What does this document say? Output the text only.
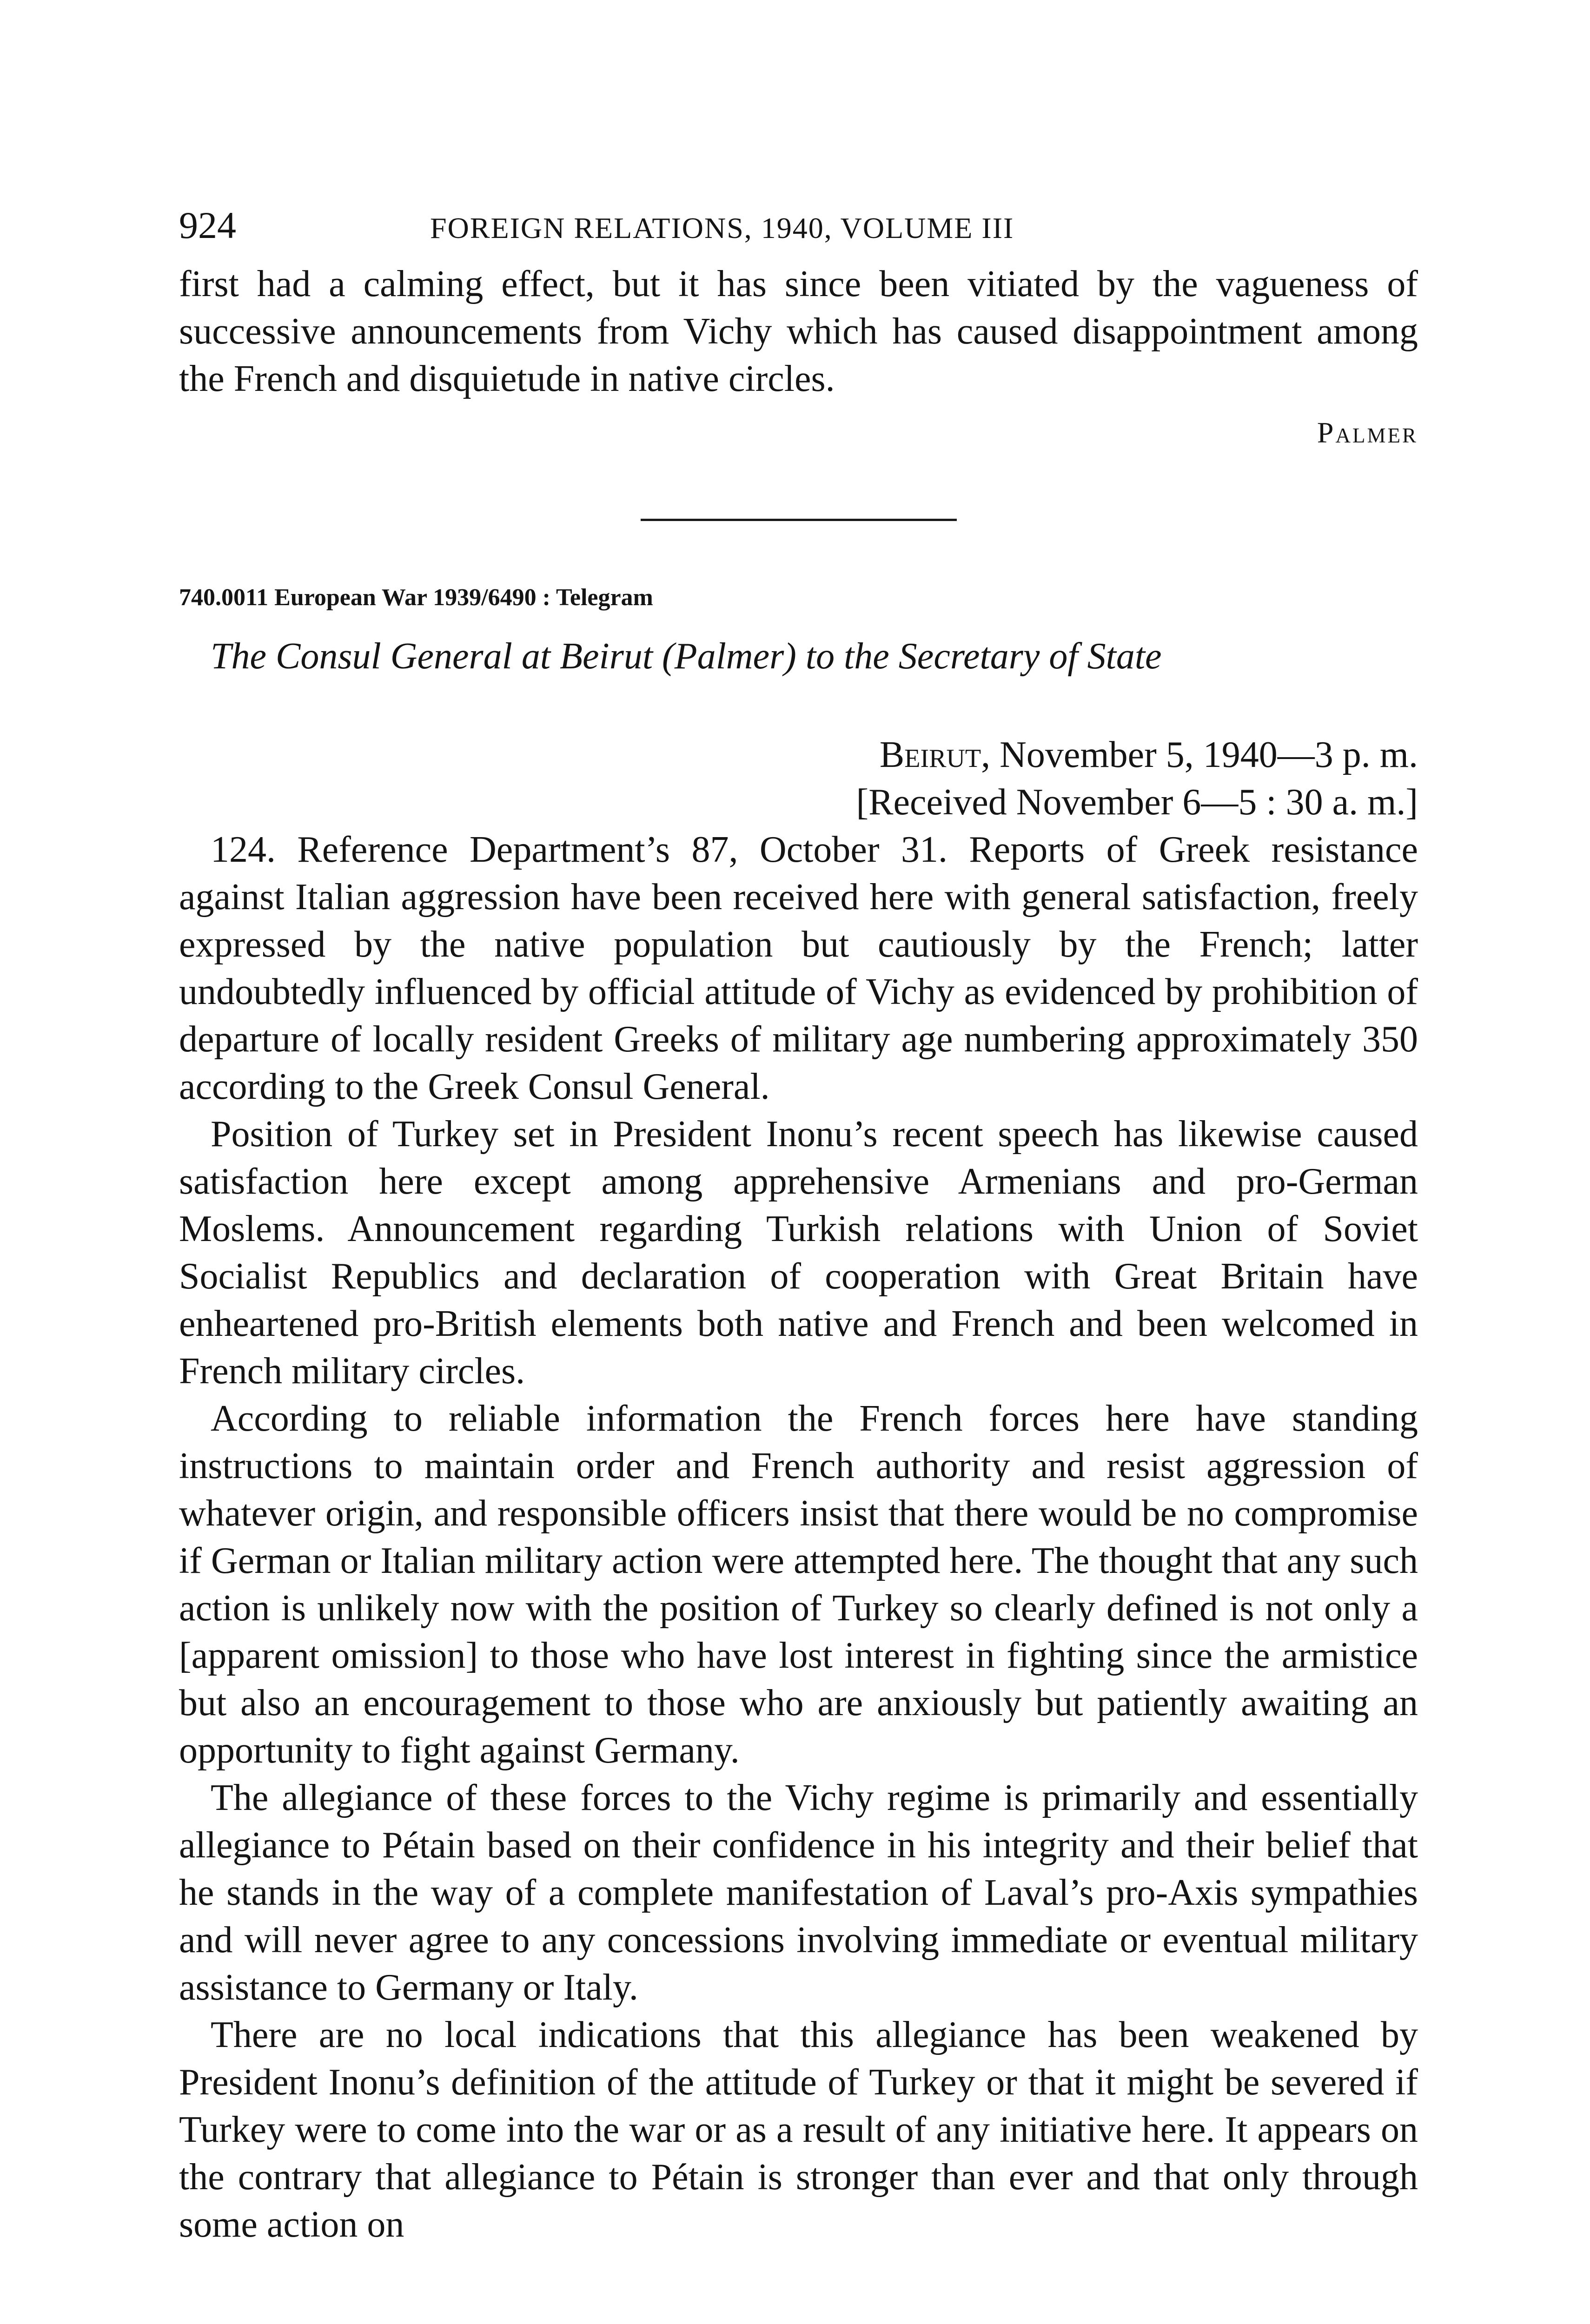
924	FOREIGN RELATIONS, 1940, VOLUME III

first had a calming effect, but it has since been vitiated by the vagueness of successive announcements from Vichy which has caused disappointment among the French and disquietude in native circles.

Palmer
740.0011 European War 1939/6490 : Telegram
The Consul General at Beirut (Palmer) to the Secretary of State
Beirut, November 5, 1940—3 p. m.
[Received November 6—5 : 30 a. m.]

124. Reference Department’s 87, October 31. Reports of Greek resistance against Italian aggression have been received here with general satisfaction, freely expressed by the native population but cautiously by the French; latter undoubtedly influenced by official attitude of Vichy as evidenced by prohibition of departure of locally resident Greeks of military age numbering approximately 350 according to the Greek Consul General.

Position of Turkey set in President Inonu’s recent speech has likewise caused satisfaction here except among apprehensive Armenians and pro-German Moslems. Announcement regarding Turkish relations with Union of Soviet Socialist Republics and declaration of cooperation with Great Britain have enheartened pro-British elements both native and French and been welcomed in French military circles.

According to reliable information the French forces here have standing instructions to maintain order and French authority and resist aggression of whatever origin, and responsible officers insist that there would be no compromise if German or Italian military action were attempted here. The thought that any such action is unlikely now with the position of Turkey so clearly defined is not only a [apparent omission] to those who have lost interest in fighting since the armistice but also an encouragement to those who are anxiously but patiently awaiting an opportunity to fight against Germany.

The allegiance of these forces to the Vichy regime is primarily and essentially allegiance to Pétain based on their confidence in his integrity and their belief that he stands in the way of a complete manifestation of Laval’s pro-Axis sympathies and will never agree to any concessions involving immediate or eventual military assistance to Germany or Italy.

There are no local indications that this allegiance has been weakened by President Inonu’s definition of the attitude of Turkey or that it might be severed if Turkey were to come into the war or as a result of any initiative here. It appears on the contrary that allegiance to Pétain is stronger than ever and that only through some action on
